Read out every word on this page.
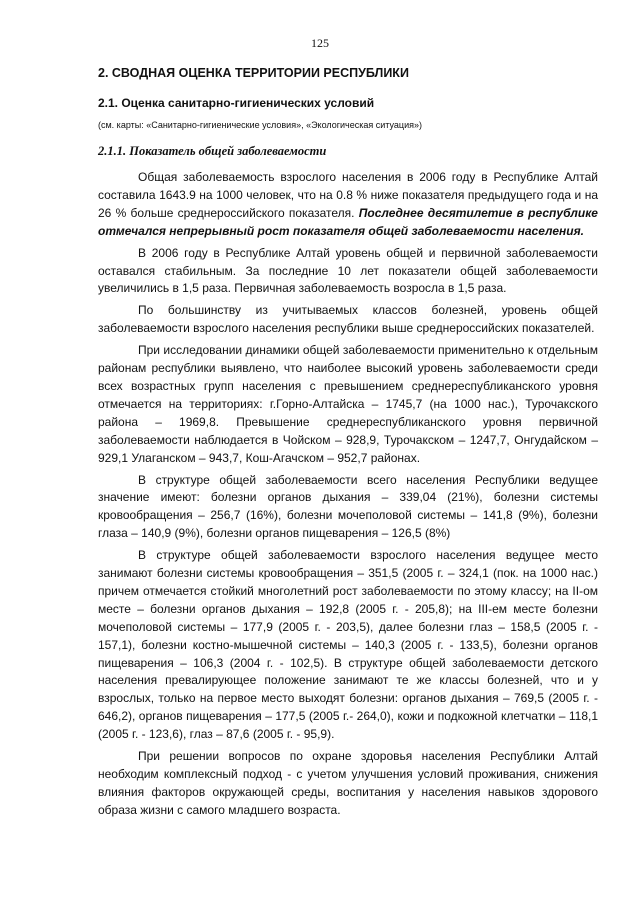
125
2. СВОДНАЯ ОЦЕНКА ТЕРРИТОРИИ РЕСПУБЛИКИ
2.1. Оценка санитарно-гигиенических условий
(см. карты: «Санитарно-гигиенические условия», «Экологическая ситуация»)
2.1.1. Показатель общей заболеваемости

Общая заболеваемость взрослого населения в 2006 году в Республике Алтай составила 1643.9 на 1000 человек, что на 0.8 % ниже показателя предыдущего года и на 26 % больше среднероссийского показателя. Последнее десятилетие в республике отмечался непрерывный рост показателя общей заболеваемости населения.

В 2006 году в Республике Алтай уровень общей и первичной заболеваемости оставался стабильным. За последние 10 лет показатели общей заболеваемости увеличились в 1,5 раза. Первичная заболеваемость возросла в 1,5 раза.

По большинству из учитываемых классов болезней, уровень общей заболеваемости взрослого населения республики выше среднероссийских показателей.

При исследовании динамики общей заболеваемости применительно к отдельным районам республики выявлено, что наиболее высокий уровень заболеваемости среди всех возрастных групп населения с превышением среднереспубликанского уровня отмечается на территориях: г.Горно-Алтайска – 1745,7 (на 1000 нас.), Турочакского района – 1969,8. Превышение среднереспубликанского уровня первичной заболеваемости наблюдается в Чойском – 928,9, Турочакском – 1247,7, Онгудайском – 929,1 Улаганском – 943,7, Кош-Агачском – 952,7 районах.

В структуре общей заболеваемости всего населения Республики ведущее значение имеют: болезни органов дыхания – 339,04 (21%), болезни системы кровообращения – 256,7 (16%), болезни мочеполовой системы – 141,8 (9%), болезни глаза – 140,9 (9%), болезни органов пищеварения – 126,5 (8%)

В структуре общей заболеваемости взрослого населения ведущее место занимают болезни системы кровообращения – 351,5 (2005 г. – 324,1 (пок. на 1000 нас.) причем отмечается стойкий многолетний рост заболеваемости по этому классу; на II-ом месте – болезни органов дыхания – 192,8 (2005 г. - 205,8); на III-ем месте болезни мочеполовой системы – 177,9 (2005 г. - 203,5), далее болезни глаз – 158,5 (2005 г. - 157,1), болезни костно-мышечной системы – 140,3 (2005 г. - 133,5), болезни органов пищеварения – 106,3 (2004 г. - 102,5). В структуре общей заболеваемости детского населения превалирующее положение занимают те же классы болезней, что и у взрослых, только на первое место выходят болезни: органов дыхания – 769,5 (2005 г. - 646,2), органов пищеварения – 177,5 (2005 г.- 264,0), кожи и подкожной клетчатки – 118,1 (2005 г. - 123,6), глаз – 87,6 (2005 г. - 95,9).

При решении вопросов по охране здоровья населения Республики Алтай необходим комплексный подход - с учетом улучшения условий проживания, снижения влияния факторов окружающей среды, воспитания у населения навыков здорового образа жизни с самого младшего возраста.
